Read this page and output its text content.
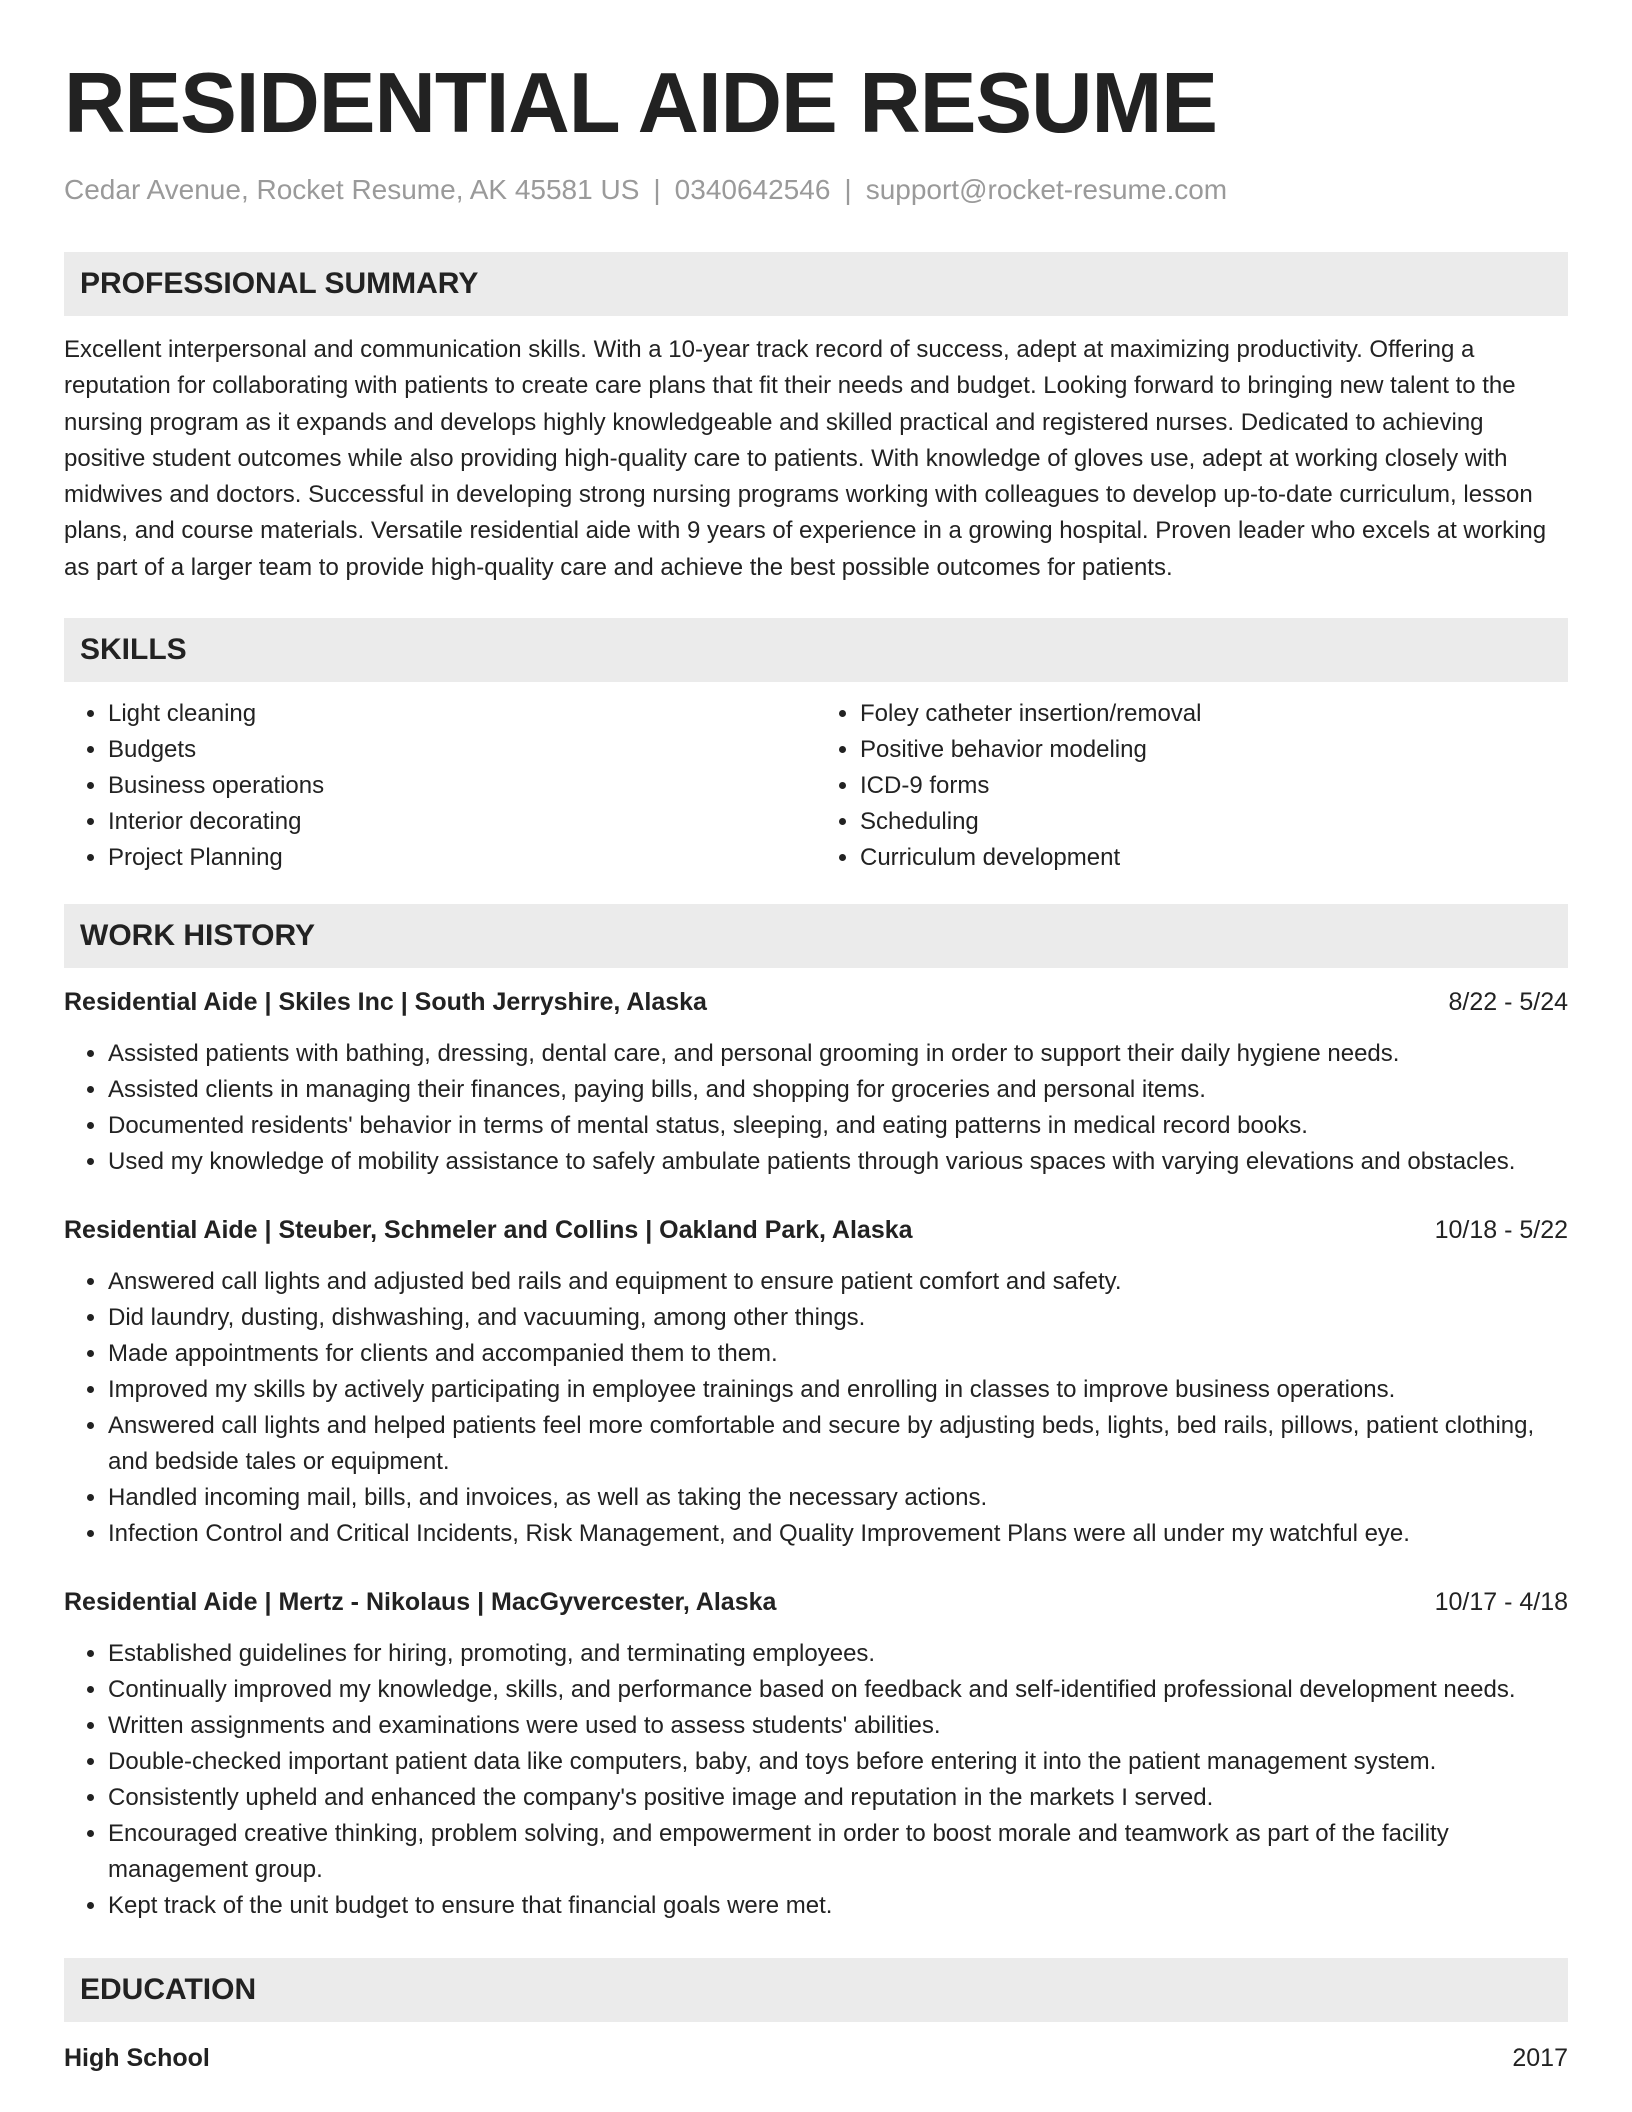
RESIDENTIAL AIDE RESUME
Cedar Avenue, Rocket Resume, AK 45581 US | 0340642546 | support@rocket-resume.com
PROFESSIONAL SUMMARY

Excellent interpersonal and communication skills. With a 10-year track record of success, adept at maximizing productivity. Offering a reputation for collaborating with patients to create care plans that fit their needs and budget. Looking forward to bringing new talent to the nursing program as it expands and develops highly knowledgeable and skilled practical and registered nurses. Dedicated to achieving positive student outcomes while also providing high-quality care to patients. With knowledge of gloves use, adept at working closely with midwives and doctors. Successful in developing strong nursing programs working with colleagues to develop up-to-date curriculum, lesson plans, and course materials. Versatile residential aide with 9 years of experience in a growing hospital. Proven leader who excels at working as part of a larger team to provide high-quality care and achieve the best possible outcomes for patients.

SKILLS
• Light cleaning
• Budgets
• Business operations
• Interior decorating
• Project Planning
• Foley catheter insertion/removal
• Positive behavior modeling
• ICD-9 forms
• Scheduling
• Curriculum development
WORK HISTORY
Residential Aide | Skiles Inc | South Jerryshire, Alaska	8/22 - 5/24
• Assisted patients with bathing, dressing, dental care, and personal grooming in order to support their daily hygiene needs.
• Assisted clients in managing their finances, paying bills, and shopping for groceries and personal items.
• Documented residents' behavior in terms of mental status, sleeping, and eating patterns in medical record books.
• Used my knowledge of mobility assistance to safely ambulate patients through various spaces with varying elevations and obstacles.
Residential Aide | Steuber, Schmeler and Collins | Oakland Park, Alaska	10/18 - 5/22
• Answered call lights and adjusted bed rails and equipment to ensure patient comfort and safety.
• Did laundry, dusting, dishwashing, and vacuuming, among other things.
• Made appointments for clients and accompanied them to them.
• Improved my skills by actively participating in employee trainings and enrolling in classes to improve business operations.
• Answered call lights and helped patients feel more comfortable and secure by adjusting beds, lights, bed rails, pillows, patient clothing, and bedside tales or equipment.
• Handled incoming mail, bills, and invoices, as well as taking the necessary actions.
• Infection Control and Critical Incidents, Risk Management, and Quality Improvement Plans were all under my watchful eye.
Residential Aide | Mertz - Nikolaus | MacGyvercester, Alaska	10/17 - 4/18
• Established guidelines for hiring, promoting, and terminating employees.
• Continually improved my knowledge, skills, and performance based on feedback and self-identified professional development needs.
• Written assignments and examinations were used to assess students' abilities.
• Double-checked important patient data like computers, baby, and toys before entering it into the patient management system.
• Consistently upheld and enhanced the company's positive image and reputation in the markets I served.
• Encouraged creative thinking, problem solving, and empowerment in order to boost morale and teamwork as part of the facility management group.
• Kept track of the unit budget to ensure that financial goals were met.
EDUCATION
High School	2017
